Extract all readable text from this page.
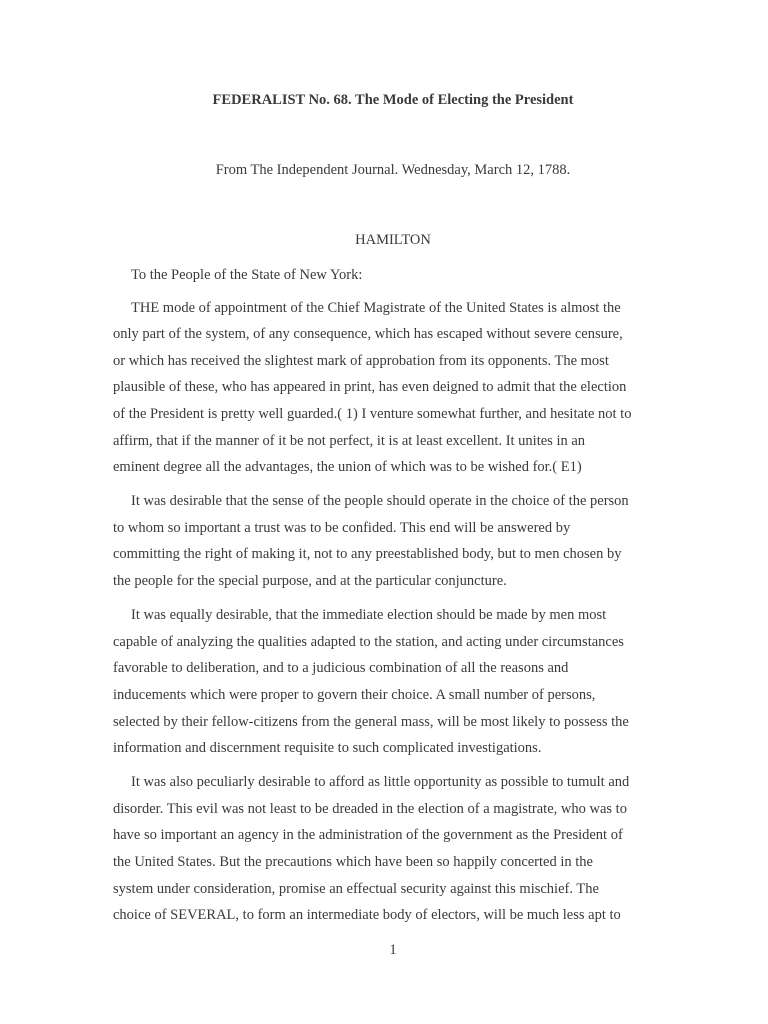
FEDERALIST No. 68. The Mode of Electing the President
From The Independent Journal. Wednesday, March 12, 1788.
HAMILTON

To the People of the State of New York:

THE mode of appointment of the Chief Magistrate of the United States is almost the
only part of the system, of any consequence, which has escaped without severe censure,
or which has received the slightest mark of approbation from its opponents. The most
plausible of these, who has appeared in print, has even deigned to admit that the election
of the President is pretty well guarded.( 1) I venture somewhat further, and hesitate not to
affirm, that if the manner of it be not perfect, it is at least excellent. It unites in an
eminent degree all the advantages, the union of which was to be wished for.( E1)

It was desirable that the sense of the people should operate in the choice of the person
to whom so important a trust was to be confided. This end will be answered by
committing the right of making it, not to any preestablished body, but to men chosen by
the people for the special purpose, and at the particular conjuncture.

It was equally desirable, that the immediate election should be made by men most
capable of analyzing the qualities adapted to the station, and acting under circumstances
favorable to deliberation, and to a judicious combination of all the reasons and
inducements which were proper to govern their choice. A small number of persons,
selected by their fellow-citizens from the general mass, will be most likely to possess the
information and discernment requisite to such complicated investigations.

It was also peculiarly desirable to afford as little opportunity as possible to tumult and
disorder. This evil was not least to be dreaded in the election of a magistrate, who was to
have so important an agency in the administration of the government as the President of
the United States. But the precautions which have been so happily concerted in the
system under consideration, promise an effectual security against this mischief. The
choice of SEVERAL, to form an intermediate body of electors, will be much less apt to

1
